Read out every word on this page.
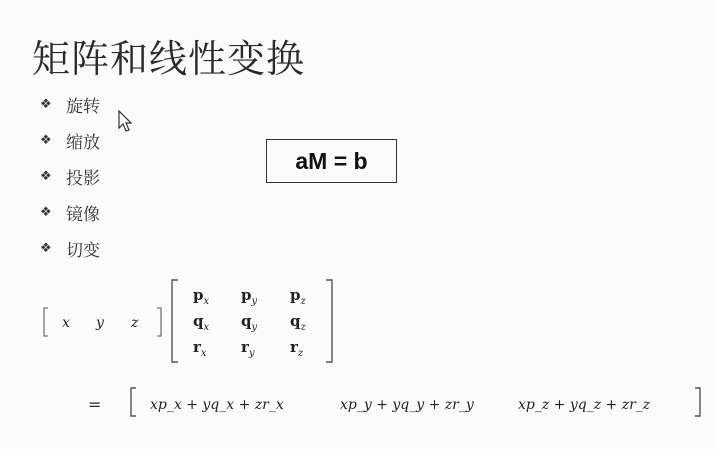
矩阵和线性变换
❖ 旋转
❖ 缩放
❖ 投影
❖ 镜像
❖ 切变
aM
=
b
x y z
$p_x$ $p_y$ $p_z$
$q_x$ $q_y$ $q_z$
$r_x$ $r_y$ $r_z$
=	xp_x + yq_x + zr_x	xp_y + yq_y + zr_y	xp_z + yq_z + zr_z
